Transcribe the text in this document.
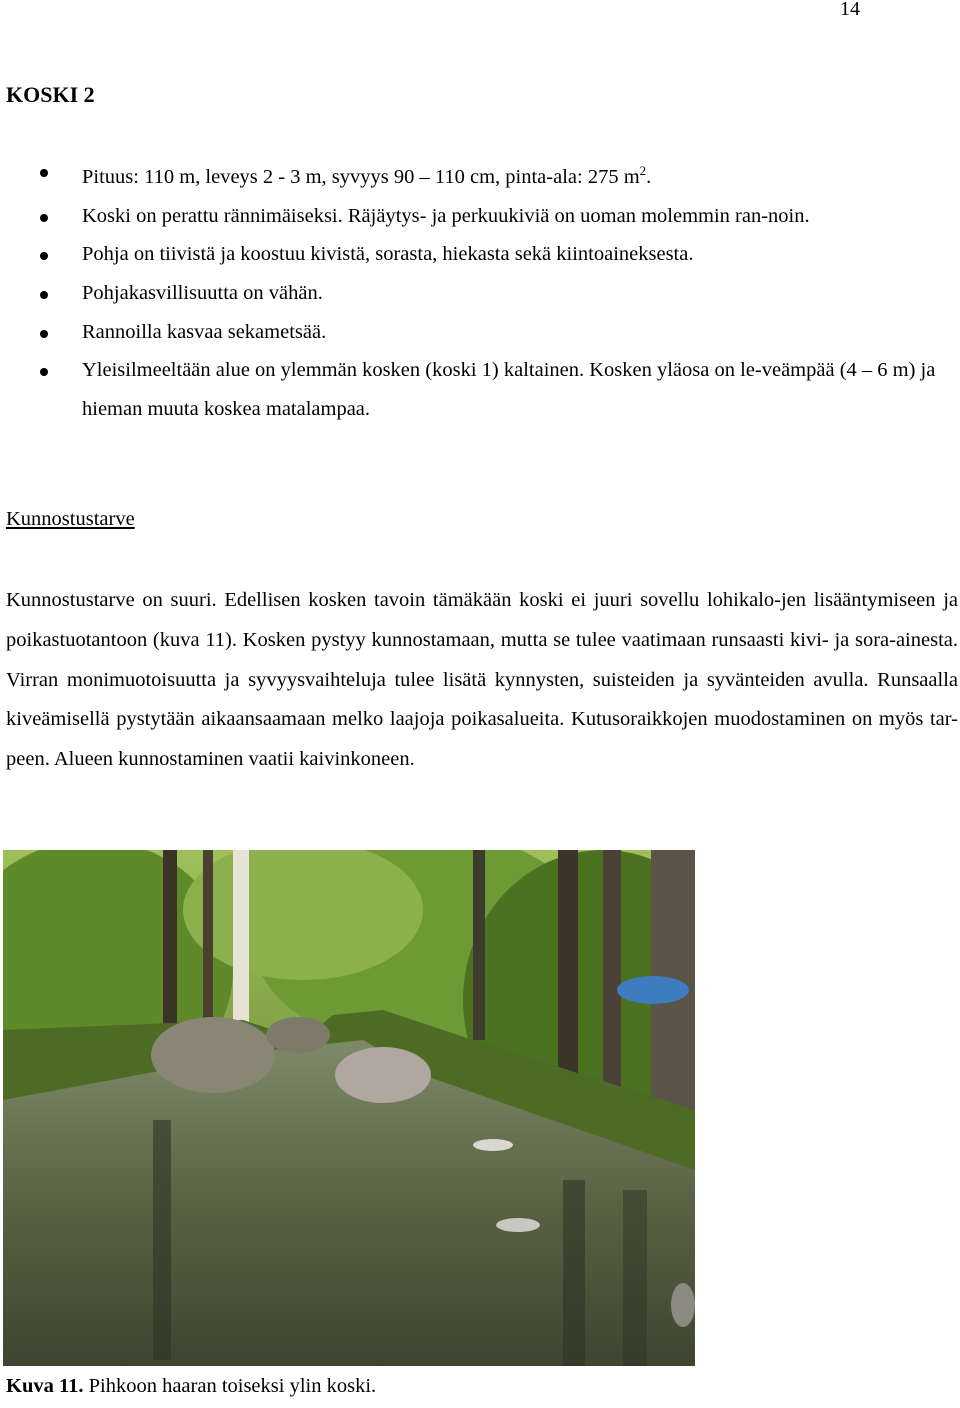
14
KOSKI 2
Pituus: 110 m, leveys 2 - 3 m, syvyys 90 – 110 cm, pinta-ala: 275 $m^2$.
Koski on perattu rännimäiseksi. Räjäytys- ja perkuukiviä on uoman molemmin ran-noin.
Pohja on tiivistä ja koostuu kivistä, sorasta, hiekasta sekä kiintoaineksesta.
Pohjakasvillisuutta on vähän.
Rannoilla kasvaa sekametsää.
Yleisilmeeltään alue on ylemmän kosken (koski 1) kaltainen. Kosken yläosa on le-veämpää (4 – 6 m) ja hieman muuta koskea matalampaa.
Kunnostustarve

Kunnostustarve on suuri. Edellisen kosken tavoin tämäkään koski ei juuri sovellu lohikalo-jen lisääntymiseen ja poikastuotantoon (kuva 11). Kosken pystyy kunnostamaan, mutta se tulee vaatimaan runsaasti kivi- ja sora-ainesta. Virran monimuotoisuutta ja syvyysvaihteluja tulee lisätä kynnysten, suisteiden ja syvänteiden avulla. Runsaalla kiveämisellä pystytään aikaansaamaan melko laajoja poikasalueita. Kutusoraikkojen muodostaminen on myös tar-peen. Alueen kunnostaminen vaatii kaivinkoneen.

Kuva 11. Pihkoon haaran toiseksi ylin koski.
